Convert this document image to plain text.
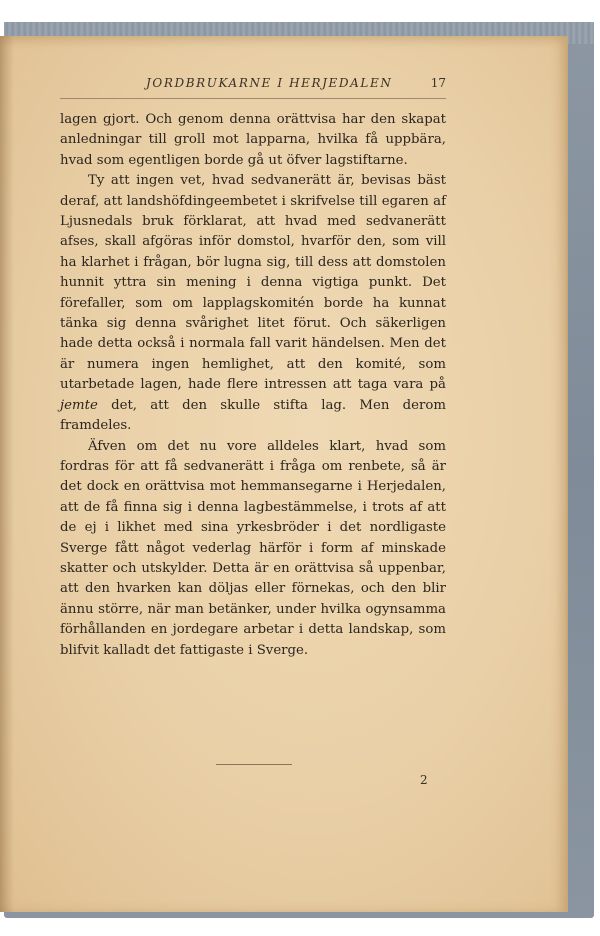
JORDBRUKARNE I HERJEDALEN	17

lagen gjort. Och genom denna orättvisa har den skapat anledningar till groll mot lapparna, hvilka få uppbära, hvad som egentligen borde gå ut öfver lagstiftarne.

Ty att ingen vet, hvad sedvanerätt är, bevisas bäst deraf, att landshöfdingeembetet i skrifvelse till egaren af Ljusnedals bruk förklarat, att hvad med sedvanerätt afses, skall afgöras inför domstol, hvarför den, som vill ha klarhet i frågan, bör lugna sig, till dess att domstolen hunnit yttra sin mening i denna vigtiga punkt. Det förefaller, som om lapplagskomitén borde ha kunnat tänka sig denna svårighet litet förut. Och säkerligen hade detta också i normala fall varit händelsen. Men det är numera ingen hemlighet, att den komité, som utarbetade lagen, hade flere intressen att taga vara på jemte det, att den skulle stifta lag. Men derom framdeles.

Äfven om det nu vore alldeles klart, hvad som fordras för att få sedvanerätt i fråga om renbete, så är det dock en orättvisa mot hemmansegarne i Herjedalen, att de få finna sig i denna lagbestämmelse, i trots af att de ej i likhet med sina yrkesbröder i det nordligaste Sverge fått något vederlag härför i form af minskade skatter och utskylder. Detta är en orättvisa så uppenbar, att den hvarken kan döljas eller förnekas, och den blir ännu större, när man betänker, under hvilka ogynsamma förhållanden en jordegare arbetar i detta landskap, som blifvit kalladt det fattigaste i Sverge.

2
